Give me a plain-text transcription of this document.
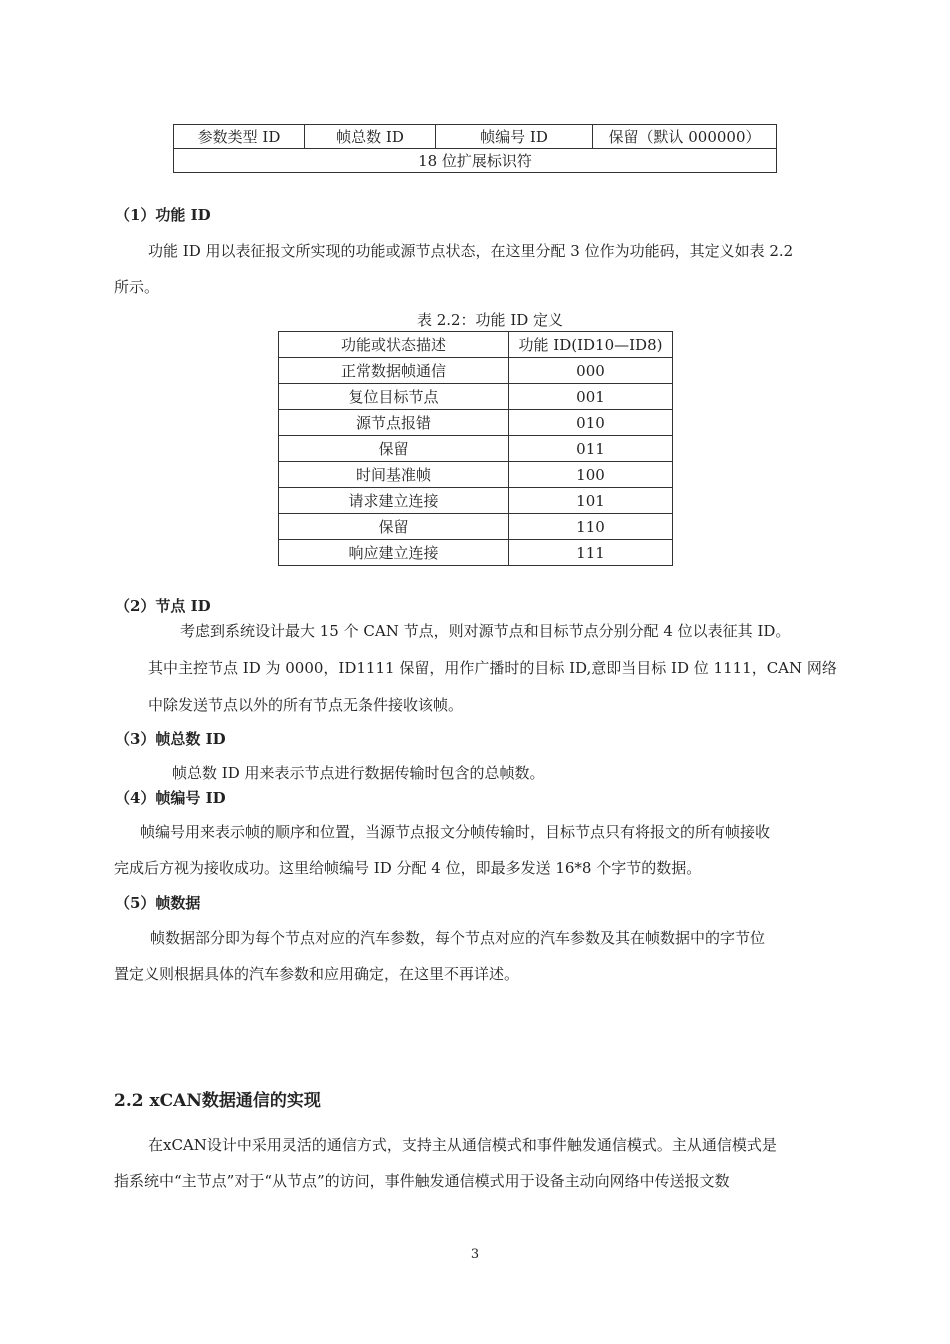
参数类型 ID	帧总数 ID	帧编号 ID	保留（默认 000000）
18 位扩展标识符
（1）功能 ID
功能 ID 用以表征报文所实现的功能或源节点状态，在这里分配 3 位作为功能码，其定义如表 2.2
所示。
表 2.2：功能 ID 定义
功能或状态描述	功能 ID(ID10—ID8)
正常数据帧通信	000
复位目标节点	001
源节点报错	010
保留	011
时间基准帧	100
请求建立连接	101
保留	110
响应建立连接	111
（2）节点 ID
考虑到系统设计最大 15 个 CAN 节点，则对源节点和目标节点分别分配 4 位以表征其 ID。
其中主控节点 ID 为 0000，ID1111 保留，用作广播时的目标 ID,意即当目标 ID 位 1111，CAN 网络
中除发送节点以外的所有节点无条件接收该帧。
（3）帧总数 ID
帧总数 ID 用来表示节点进行数据传输时包含的总帧数。
（4）帧编号 ID
帧编号用来表示帧的顺序和位置，当源节点报文分帧传输时，目标节点只有将报文的所有帧接收
完成后方视为接收成功。这里给帧编号 ID 分配 4 位，即最多发送 16*8 个字节的数据。
（5）帧数据
帧数据部分即为每个节点对应的汽车参数，每个节点对应的汽车参数及其在帧数据中的字节位
置定义则根据具体的汽车参数和应用确定，在这里不再详述。
2.2 xCAN数据通信的实现
在xCAN设计中采用灵活的通信方式，支持主从通信模式和事件触发通信模式。主从通信模式是
指系统中“主节点”对于“从节点”的访问，事件触发通信模式用于设备主动向网络中传送报文数
3
